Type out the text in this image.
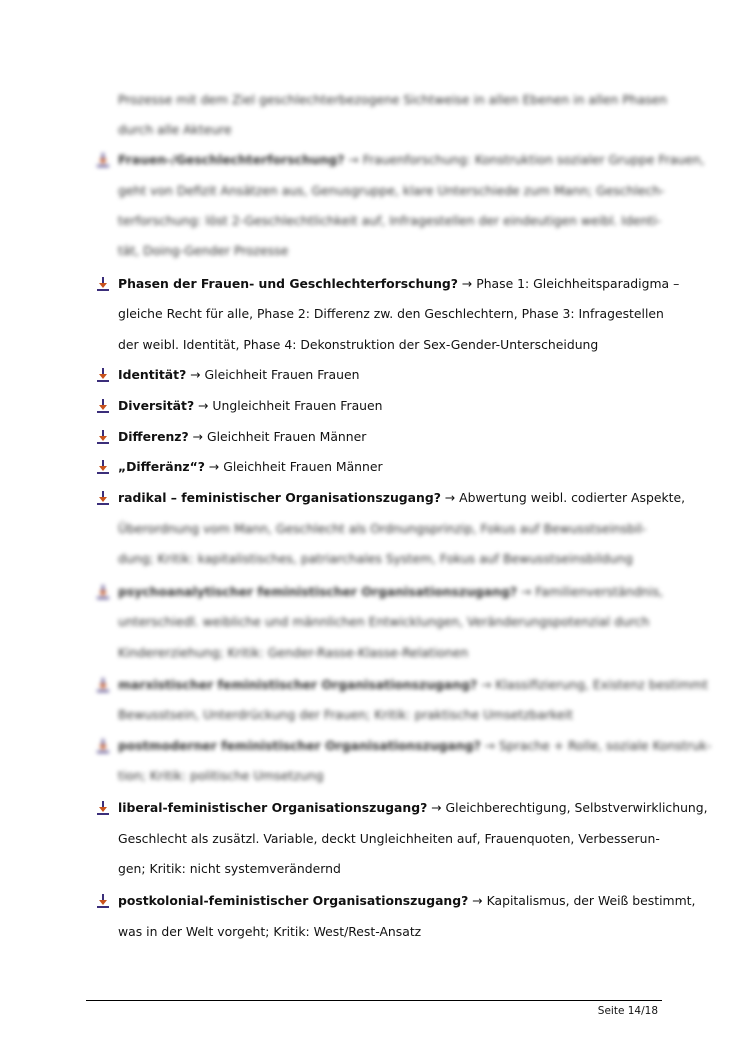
Prozesse mit dem Ziel geschlechterbezogene Sichtweise in allen Ebenen in allen Phasen
durch alle Akteure
Frauen-/Geschlechterforschung? → Frauenforschung: Konstruktion sozialer Gruppe Frauen,
geht von Defizit Ansätzen aus, Genusgruppe, klare Unterschiede zum Mann; Geschlech-
terforschung: löst 2-Geschlechtlichkeit auf, Infragestellen der eindeutigen weibl. Identi-
tät, Doing-Gender Prozesse
Phasen der Frauen- und Geschlechterforschung? → Phase 1: Gleichheitsparadigma –
gleiche Recht für alle, Phase 2: Differenz zw. den Geschlechtern, Phase 3: Infragestellen
der weibl. Identität, Phase 4: Dekonstruktion der Sex-Gender-Unterscheidung
Identität? → Gleichheit Frauen Frauen
Diversität? → Ungleichheit Frauen Frauen
Differenz? → Gleichheit Frauen Männer
„Differänz“? → Gleichheit Frauen Männer
radikal – feministischer Organisationszugang? → Abwertung weibl. codierter Aspekte,
Überordnung vom Mann, Geschlecht als Ordnungsprinzip, Fokus auf Bewusstseinsbil-
dung; Kritik: kapitalistisches, patriarchales System, Fokus auf Bewusstseinsbildung
psychoanalytischer feministischer Organisationszugang? → Familienverständnis,
unterschiedl. weibliche und männlichen Entwicklungen, Veränderungspotenzial durch
Kindererziehung; Kritik: Gender-Rasse-Klasse-Relationen
marxistischer feministischer Organisationszugang? → Klassifizierung, Existenz bestimmt
Bewusstsein, Unterdrückung der Frauen; Kritik: praktische Umsetzbarkeit
postmoderner feministischer Organisationszugang? → Sprache + Rolle, soziale Konstruk-
tion; Kritik: politische Umsetzung
liberal-feministischer Organisationszugang? → Gleichberechtigung, Selbstverwirklichung,
Geschlecht als zusätzl. Variable, deckt Ungleichheiten auf, Frauenquoten, Verbesserun-
gen; Kritik: nicht systemverändernd
postkolonial-feministischer Organisationszugang? → Kapitalismus, der Weiß bestimmt,
was in der Welt vorgeht; Kritik: West/Rest-Ansatz
Seite 14/18
